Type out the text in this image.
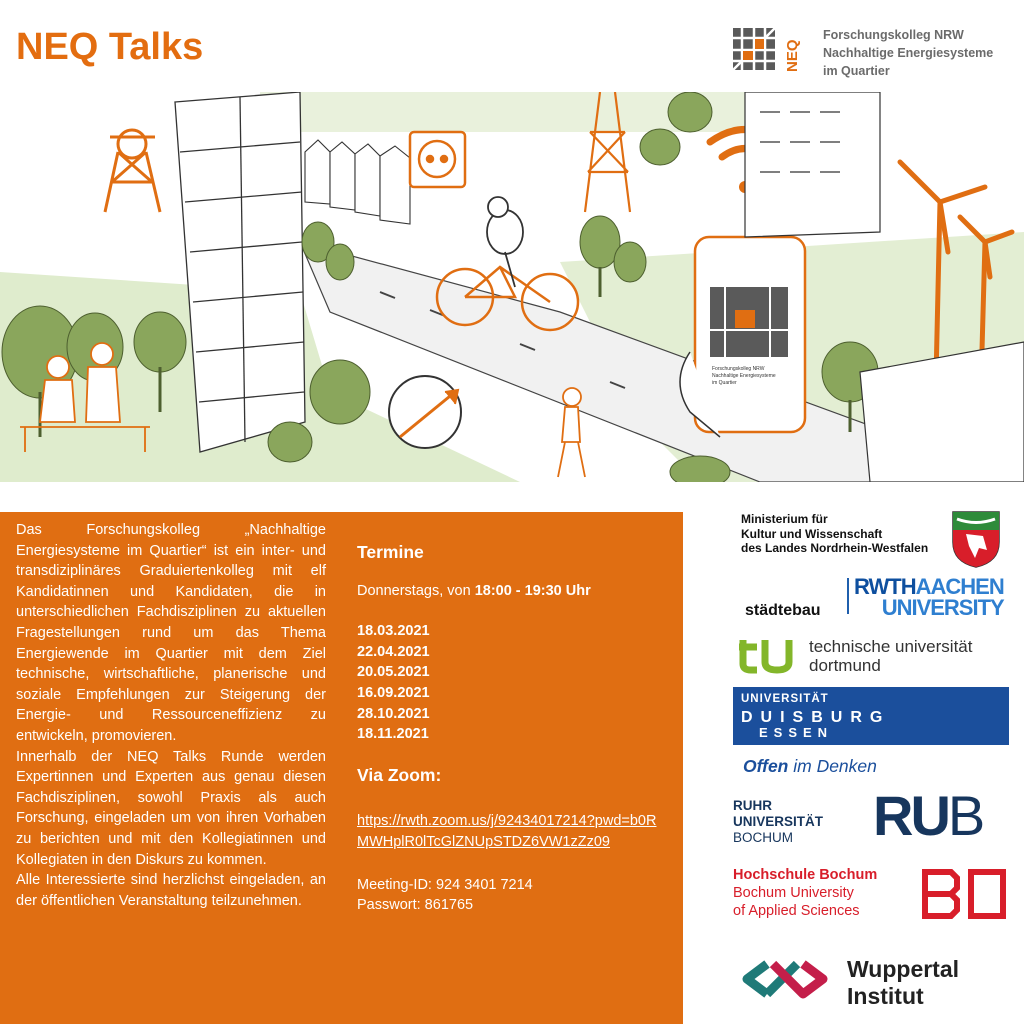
NEQ Talks	NEQ
Forschungskolleg NRW
Nachhaltige Energiesysteme
im Quartier
Forschungskolleg NRW
Nachhaltige Energiesysteme
im Quartier

Das Forschungskolleg „Nachhaltige Energiesysteme im Quartier“ ist ein inter- und transdiziplinäres Graduiertenkolleg mit elf Kandidatinnen und Kandidaten, die in unterschiedlichen Fachdisziplinen zu aktuellen Fragestellungen rund um das Thema Energiewende im Quartier mit dem Ziel technische, wirtschaftliche, planerische und soziale Empfehlungen zur Steigerung der Energie- und Ressourceneffizienz zu entwickeln, promovieren.

Innerhalb der NEQ Talks Runde werden Expertinnen und Experten aus genau diesen Fachdisziplinen, sowohl Praxis als auch Forschung, eingeladen um von ihren Vorhaben zu berichten und mit den Kollegiatinnen und Kollegiaten in den Diskurs zu kommen.

Alle Interessierte sind herzlichst eingeladen, an der öffentlichen Veranstaltung teilzunehmen.

Termine
Donnerstags, von 18:00 - 19:30 Uhr
18.03.2021
22.04.2021
20.05.2021
16.09.2021
28.10.2021
18.11.2021
Via Zoom:
https://rwth.zoom.us/j/92434017214?pwd=b0RMWHplR0lTcGlZNUpSTDZ6VW1zZz09
Meeting-ID: 924 3401 7214
Passwort: 861765
Ministerium für
Kultur und Wissenschaft
des Landes Nordrhein-Westfalen
städtebau
RWTHAACHEN
UNIVERSITY
technische universität
dortmund
UNIVERSITÄT
DUISBURG
ESSEN
Offen im Denken
RUHR
UNIVERSITÄT
BOCHUM	RUB
Hochschule Bochum
Bochum University
of Applied Sciences
Wuppertal
Institut
